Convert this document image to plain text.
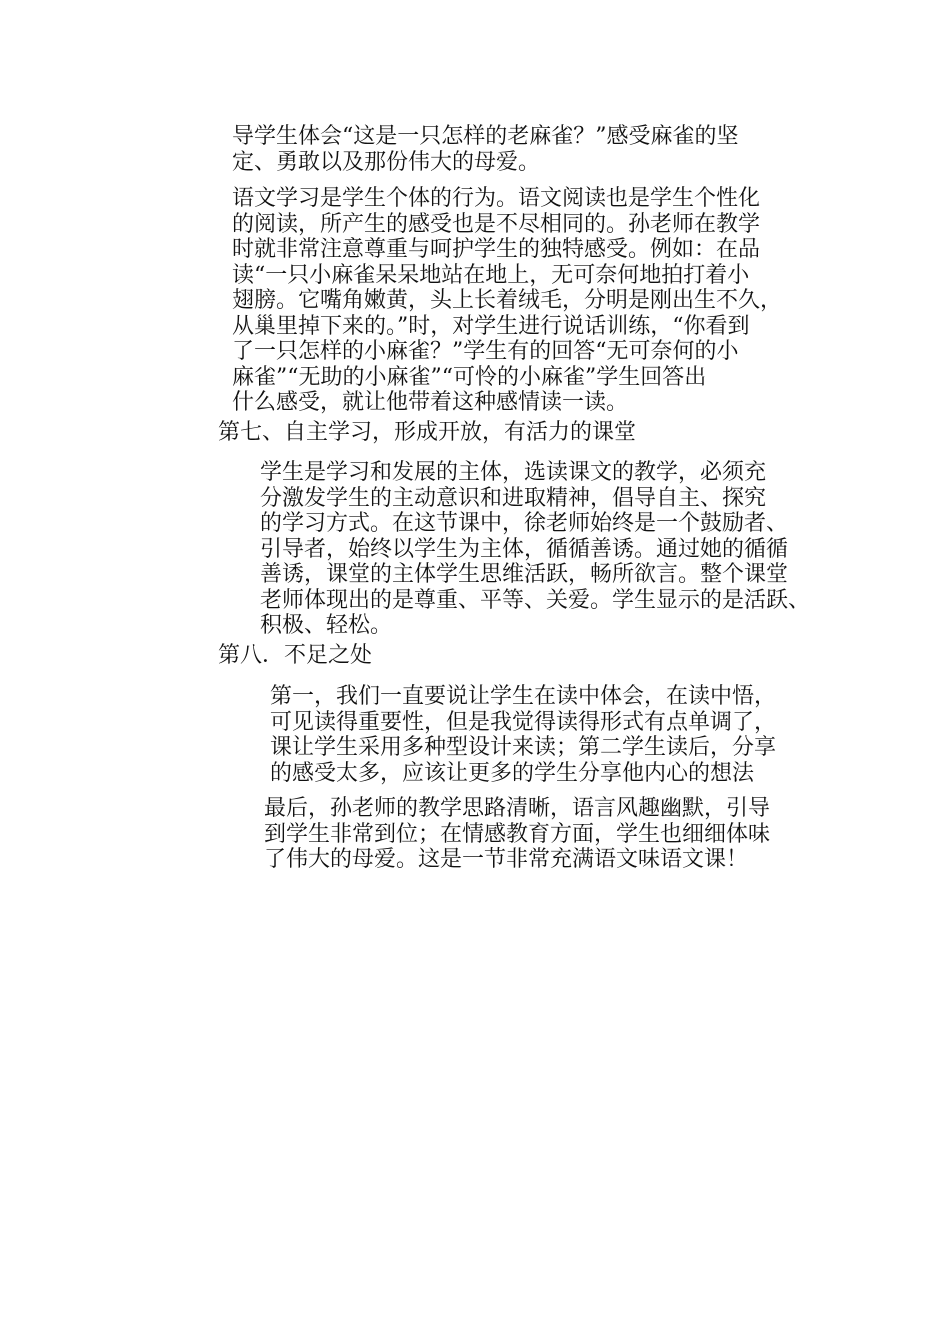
导学生体会“这是一只怎样的老麻雀？”感受麻雀的坚
定、勇敢以及那份伟大的母爱。
语文学习是学生个体的行为。语文阅读也是学生个性化
的阅读，所产生的感受也是不尽相同的。孙老师在教学
时就非常注意尊重与呵护学生的独特感受。例如：在品
读“一只小麻雀呆呆地站在地上，无可奈何地拍打着小
翅膀。它嘴角嫩黄，头上长着绒毛，分明是刚出生不久，
从巢里掉下来的。”时，对学生进行说话训练，“你看到
了一只怎样的小麻雀？”学生有的回答“无可奈何的小
麻雀”“无助的小麻雀”“可怜的小麻雀”学生回答出
什么感受，就让他带着这种感情读一读。
第七、自主学习，形成开放，有活力的课堂
学生是学习和发展的主体，选读课文的教学，必须充
分激发学生的主动意识和进取精神，倡导自主、探究
的学习方式。在这节课中，徐老师始终是一个鼓励者、
引导者，始终以学生为主体，循循善诱。通过她的循循
善诱，课堂的主体学生思维活跃，畅所欲言。整个课堂
老师体现出的是尊重、平等、关爱。学生显示的是活跃、
积极、轻松。
第八．不足之处
第一，我们一直要说让学生在读中体会，在读中悟，
可见读得重要性，但是我觉得读得形式有点单调了，
课让学生采用多种型设计来读；第二学生读后，分享
的感受太多，应该让更多的学生分享他内心的想法
最后，孙老师的教学思路清晰，语言风趣幽默，引导
到学生非常到位；在情感教育方面，学生也细细体味
了伟大的母爱。这是一节非常充满语文味语文课！
